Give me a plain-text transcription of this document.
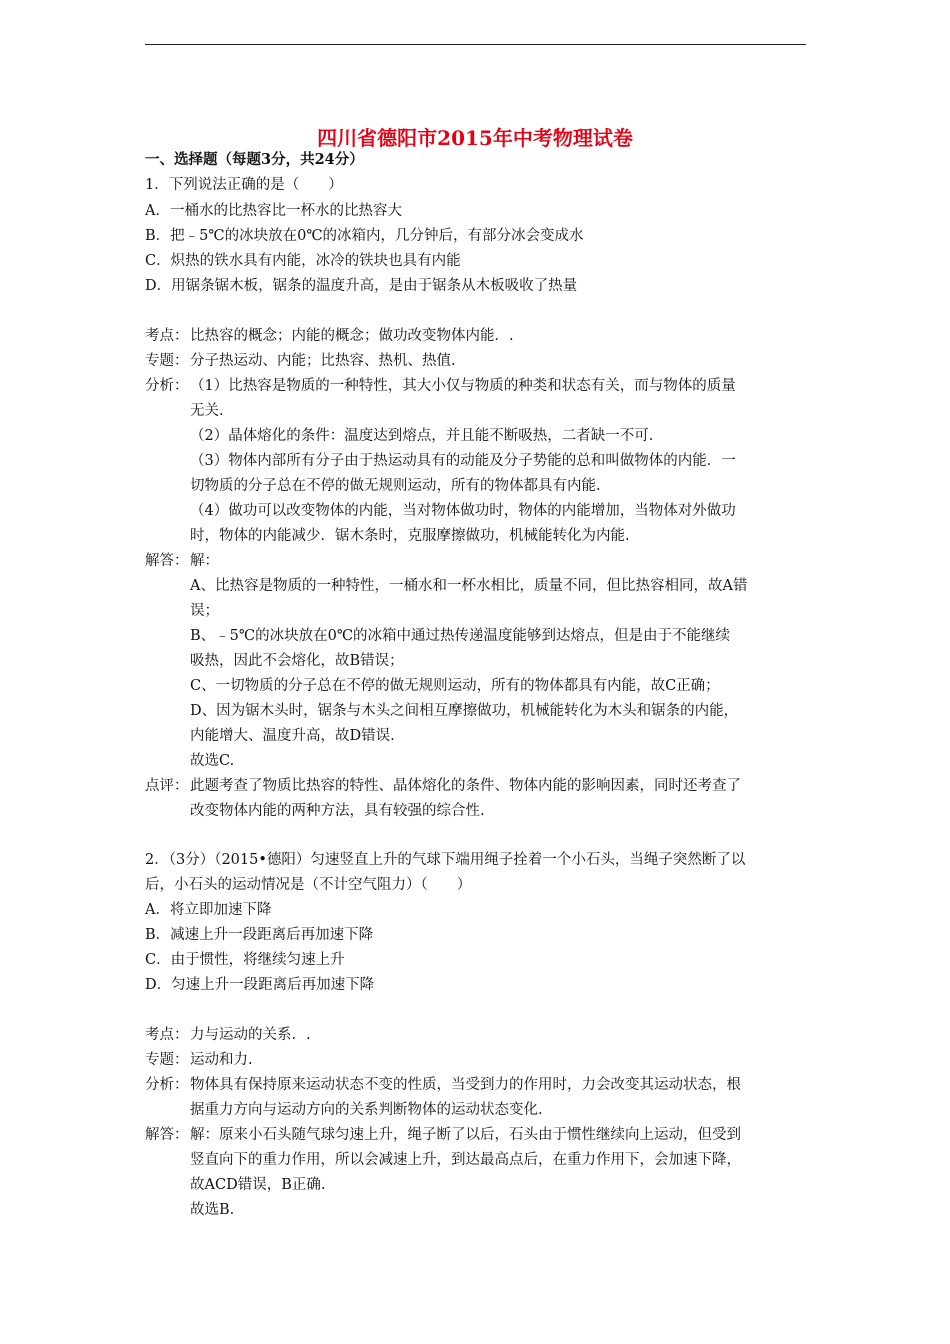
四川省德阳市2015年中考物理试卷
一、选择题（每题3分，共24分）
1．下列说法正确的是（　　）
A．一桶水的比热容比一杯水的比热容大
B．把﹣5℃的冰块放在0℃的冰箱内，几分钟后，有部分冰会变成水
C．炽热的铁水具有内能，冰冷的铁块也具有内能
D．用锯条锯木板，锯条的温度升高，是由于锯条从木板吸收了热量
考点： 比热容的概念；内能的概念；做功改变物体内能．.
专题： 分子热运动、内能；比热容、热机、热值.
分析： （1）比热容是物质的一种特性，其大小仅与物质的种类和状态有关，而与物体的质量
无关.
（2）晶体熔化的条件：温度达到熔点，并且能不断吸热，二者缺一不可.
（3）物体内部所有分子由于热运动具有的动能及分子势能的总和叫做物体的内能．一
切物质的分子总在不停的做无规则运动，所有的物体都具有内能.
（4）做功可以改变物体的内能，当对物体做功时，物体的内能增加，当物体对外做功
时，物体的内能减少．锯木条时，克服摩擦做功，机械能转化为内能.
解答： 解：
A、比热容是物质的一种特性，一桶水和一杯水相比，质量不同，但比热容相同，故A错
误；
B、﹣5℃的冰块放在0℃的冰箱中通过热传递温度能够到达熔点，但是由于不能继续
吸热，因此不会熔化，故B错误；
C、一切物质的分子总在不停的做无规则运动，所有的物体都具有内能，故C正确；
D、因为锯木头时，锯条与木头之间相互摩擦做功，机械能转化为木头和锯条的内能，
内能增大、温度升高，故D错误.
故选C.
点评： 此题考查了物质比热容的特性、晶体熔化的条件、物体内能的影响因素，同时还考查了
改变物体内能的两种方法，具有较强的综合性.
2．（3分）（2015•德阳）匀速竖直上升的气球下端用绳子拴着一个小石头，当绳子突然断了以
后，小石头的运动情况是（不计空气阻力）（　　）
A．将立即加速下降
B．减速上升一段距离后再加速下降
C．由于惯性，将继续匀速上升
D．匀速上升一段距离后再加速下降
考点： 力与运动的关系．.
专题： 运动和力.
分析： 物体具有保持原来运动状态不变的性质，当受到力的作用时，力会改变其运动状态，根
据重力方向与运动方向的关系判断物体的运动状态变化.
解答： 解：原来小石头随气球匀速上升，绳子断了以后，石头由于惯性继续向上运动，但受到
竖直向下的重力作用，所以会减速上升，到达最高点后，在重力作用下，会加速下降，
故ACD错误，B正确.
故选B.
